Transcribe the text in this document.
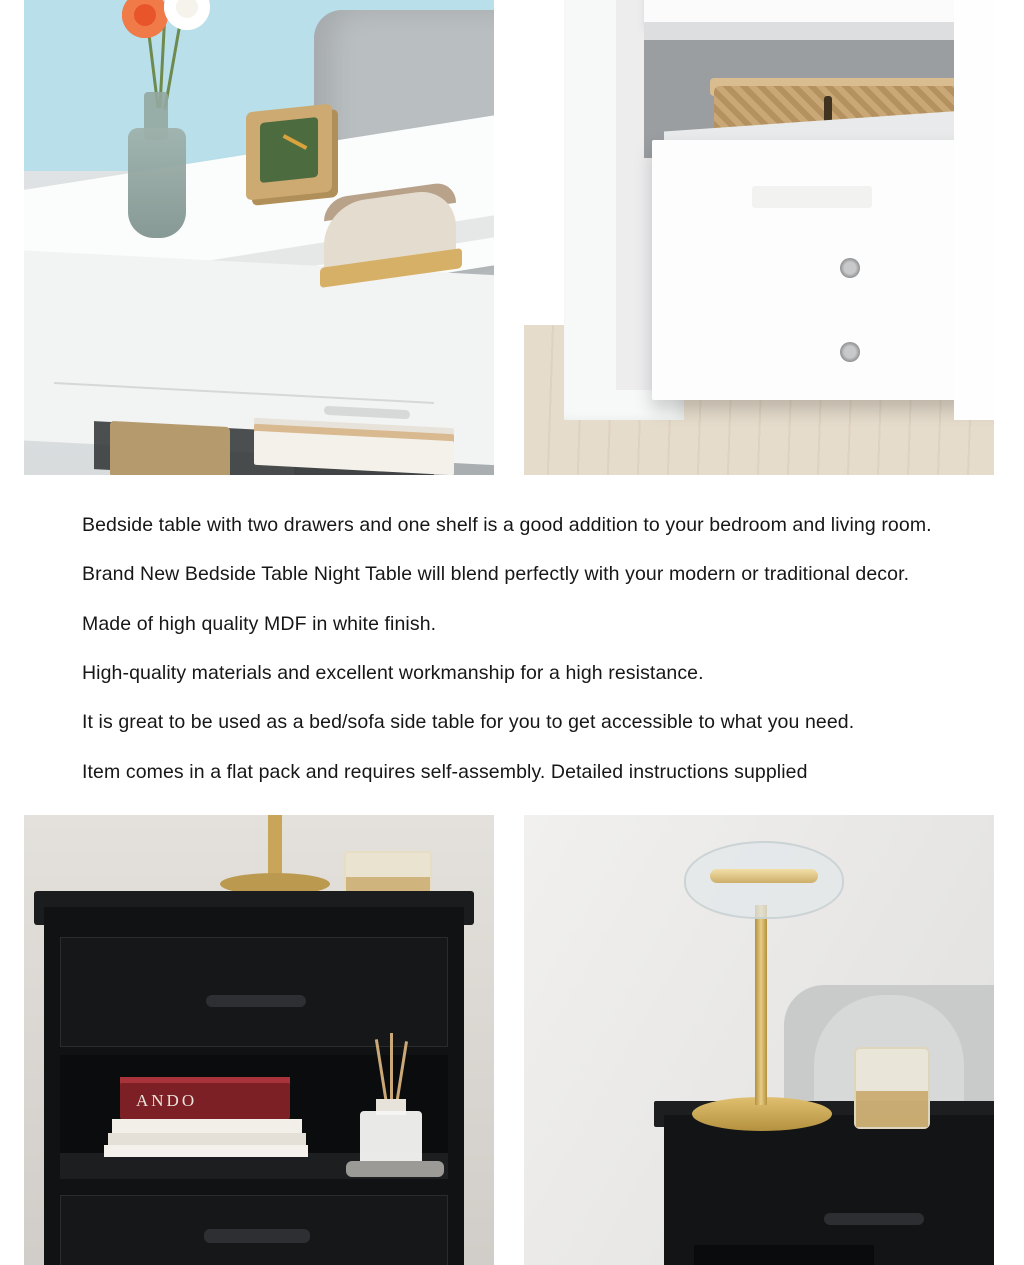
Bedside table with two drawers and one shelf is a good addition to your bedroom and living room.
Brand New Bedside Table Night Table will blend perfectly with your modern or traditional decor.
Made of high quality MDF in white finish.
High-quality materials and excellent workmanship for a high resistance.
It is great to be used as a bed/sofa side table for you to get accessible to what you need.
Item comes in a flat pack and requires self-assembly. Detailed instructions supplied
ANDO
